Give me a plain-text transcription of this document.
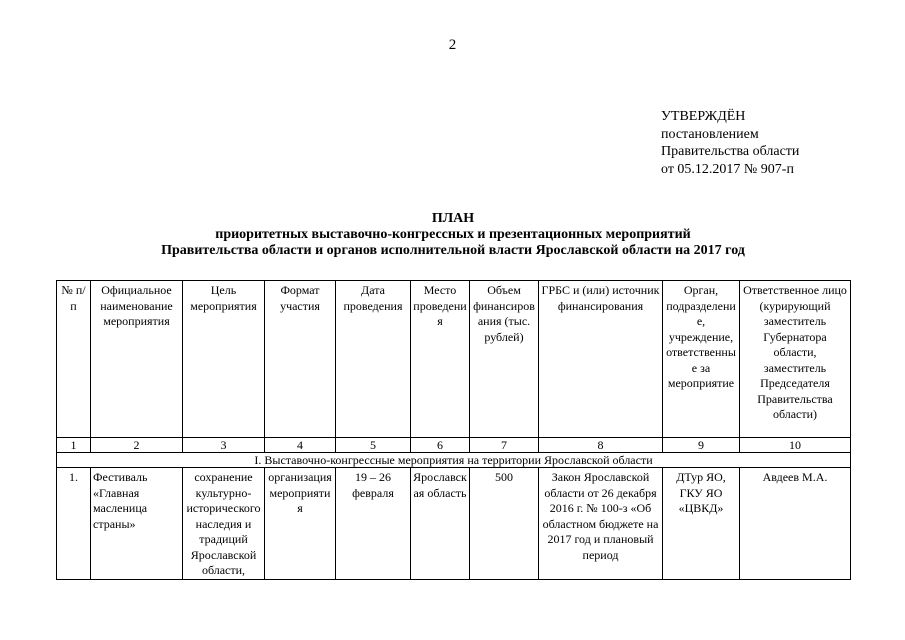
2
УТВЕРЖДЁН
постановлением
Правительства области
от 05.12.2017 № 907-п
ПЛАН
приоритетных выставочно-конгрессных и презентационных мероприятий
Правительства области и органов исполнительной власти Ярославской области на 2017 год
№ п/п	Официальное наименование мероприятия	Цель мероприятия	Формат участия	Дата проведения	Место проведения	Объем финансирования (тыс. рублей)	ГРБС и (или) источник финансирования	Орган, подразделение, учреждение, ответственные за мероприятие	Ответственное лицо (курирующий заместитель Губернатора области, заместитель Председателя Правительства области)
1	2	3	4	5	6	7	8	9	10
I. Выставочно-конгрессные мероприятия на территории Ярославской области									
1.	Фестиваль «Главная масленица страны»	сохранение культурно-исторического наследия и традиций Ярославской области,	организация мероприятия	19 – 26 февраля	Ярославская область	500	Закон Ярославской области от 26 декабря 2016 г. № 100-з «Об областном бюджете на 2017 год и плановый период	ДТур ЯО, ГКУ ЯО «ЦВКД»	Авдеев М.А.
